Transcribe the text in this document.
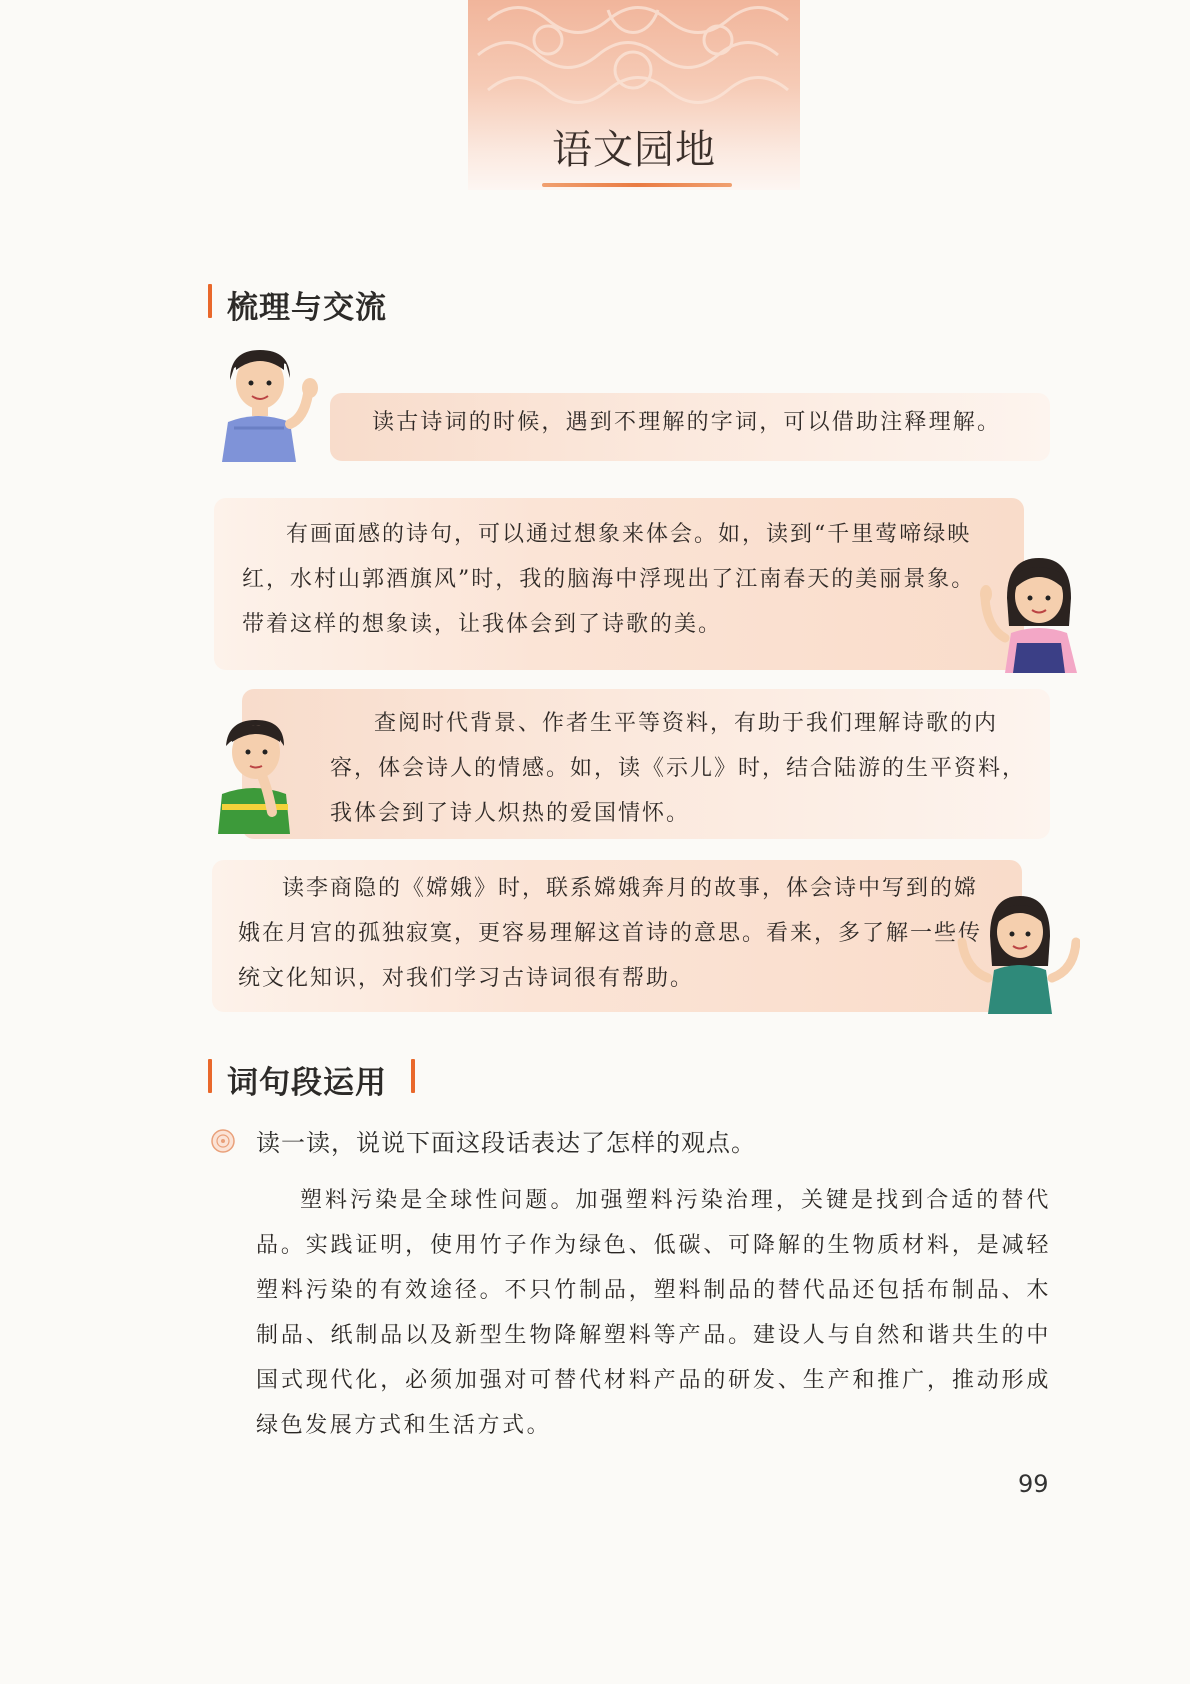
语文园地
梳理与交流
读古诗词的时候，遇到不理解的字词，可以借助注释理解。

有画面感的诗句，可以通过想象来体会。如，读到“千里莺啼绿映红，水村山郭酒旗风”时，我的脑海中浮现出了江南春天的美丽景象。带着这样的想象读，让我体会到了诗歌的美。

查阅时代背景、作者生平等资料，有助于我们理解诗歌的内容，体会诗人的情感。如，读《示儿》时，结合陆游的生平资料，我体会到了诗人炽热的爱国情怀。

读李商隐的《嫦娥》时，联系嫦娥奔月的故事，体会诗中写到的嫦娥在月宫的孤独寂寞，更容易理解这首诗的意思。看来，多了解一些传统文化知识，对我们学习古诗词很有帮助。

词句段运用
读一读，说说下面这段话表达了怎样的观点。

塑料污染是全球性问题。加强塑料污染治理，关键是找到合适的替代品。实践证明，使用竹子作为绿色、低碳、可降解的生物质材料，是减轻塑料污染的有效途径。不只竹制品，塑料制品的替代品还包括布制品、木制品、纸制品以及新型生物降解塑料等产品。建设人与自然和谐共生的中国式现代化，必须加强对可替代材料产品的研发、生产和推广，推动形成绿色发展方式和生活方式。

99
